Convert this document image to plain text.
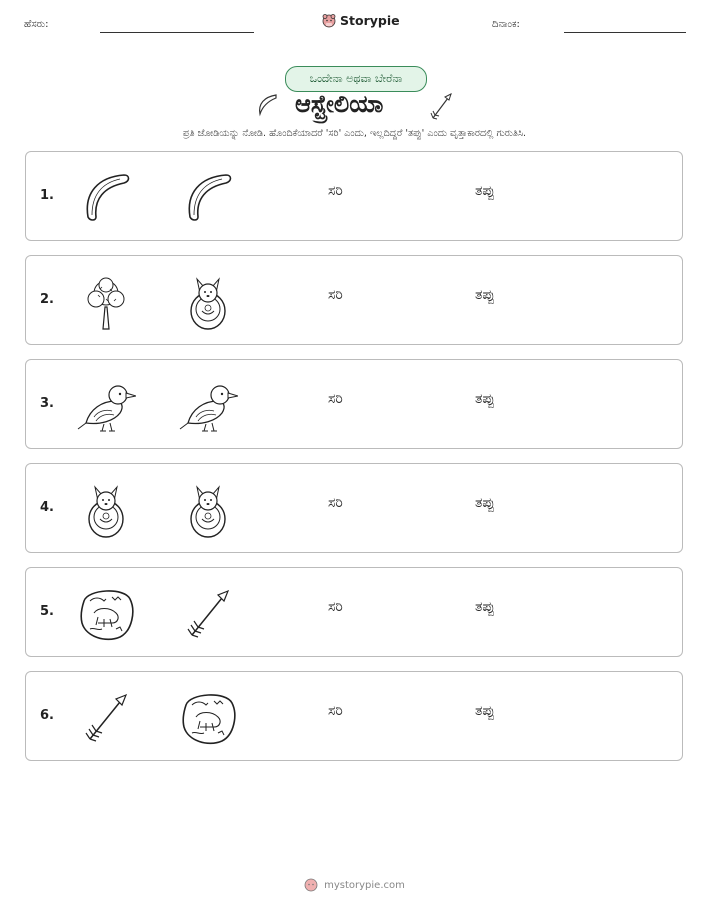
ಹೆಸರು:	Storypie	ದಿನಾಂಕ:
ಒಂದೇನಾ ಅಥವಾ ಬೇರೆನಾ
ಆಸ್ಟ್ರೇಲಿಯಾ
ಪ್ರತಿ ಜೋಡಿಯನ್ನು ನೋಡಿ. ಹೊಂದಿಕೆಯಾದರೆ 'ಸರಿ' ಎಂದು, ಇಲ್ಲದಿದ್ದರೆ 'ತಪ್ಪು' ಎಂದು ವೃತ್ತಾಕಾರದಲ್ಲಿ ಗುರುತಿಸಿ.
1.	ಸರಿ	ತಪ್ಪು
2.	ಸರಿ	ತಪ್ಪು
3.	ಸರಿ	ತಪ್ಪು
4.	ಸರಿ	ತಪ್ಪು
5.	ಸರಿ	ತಪ್ಪು
6.	ಸರಿ	ತಪ್ಪು
mystorypie.com
